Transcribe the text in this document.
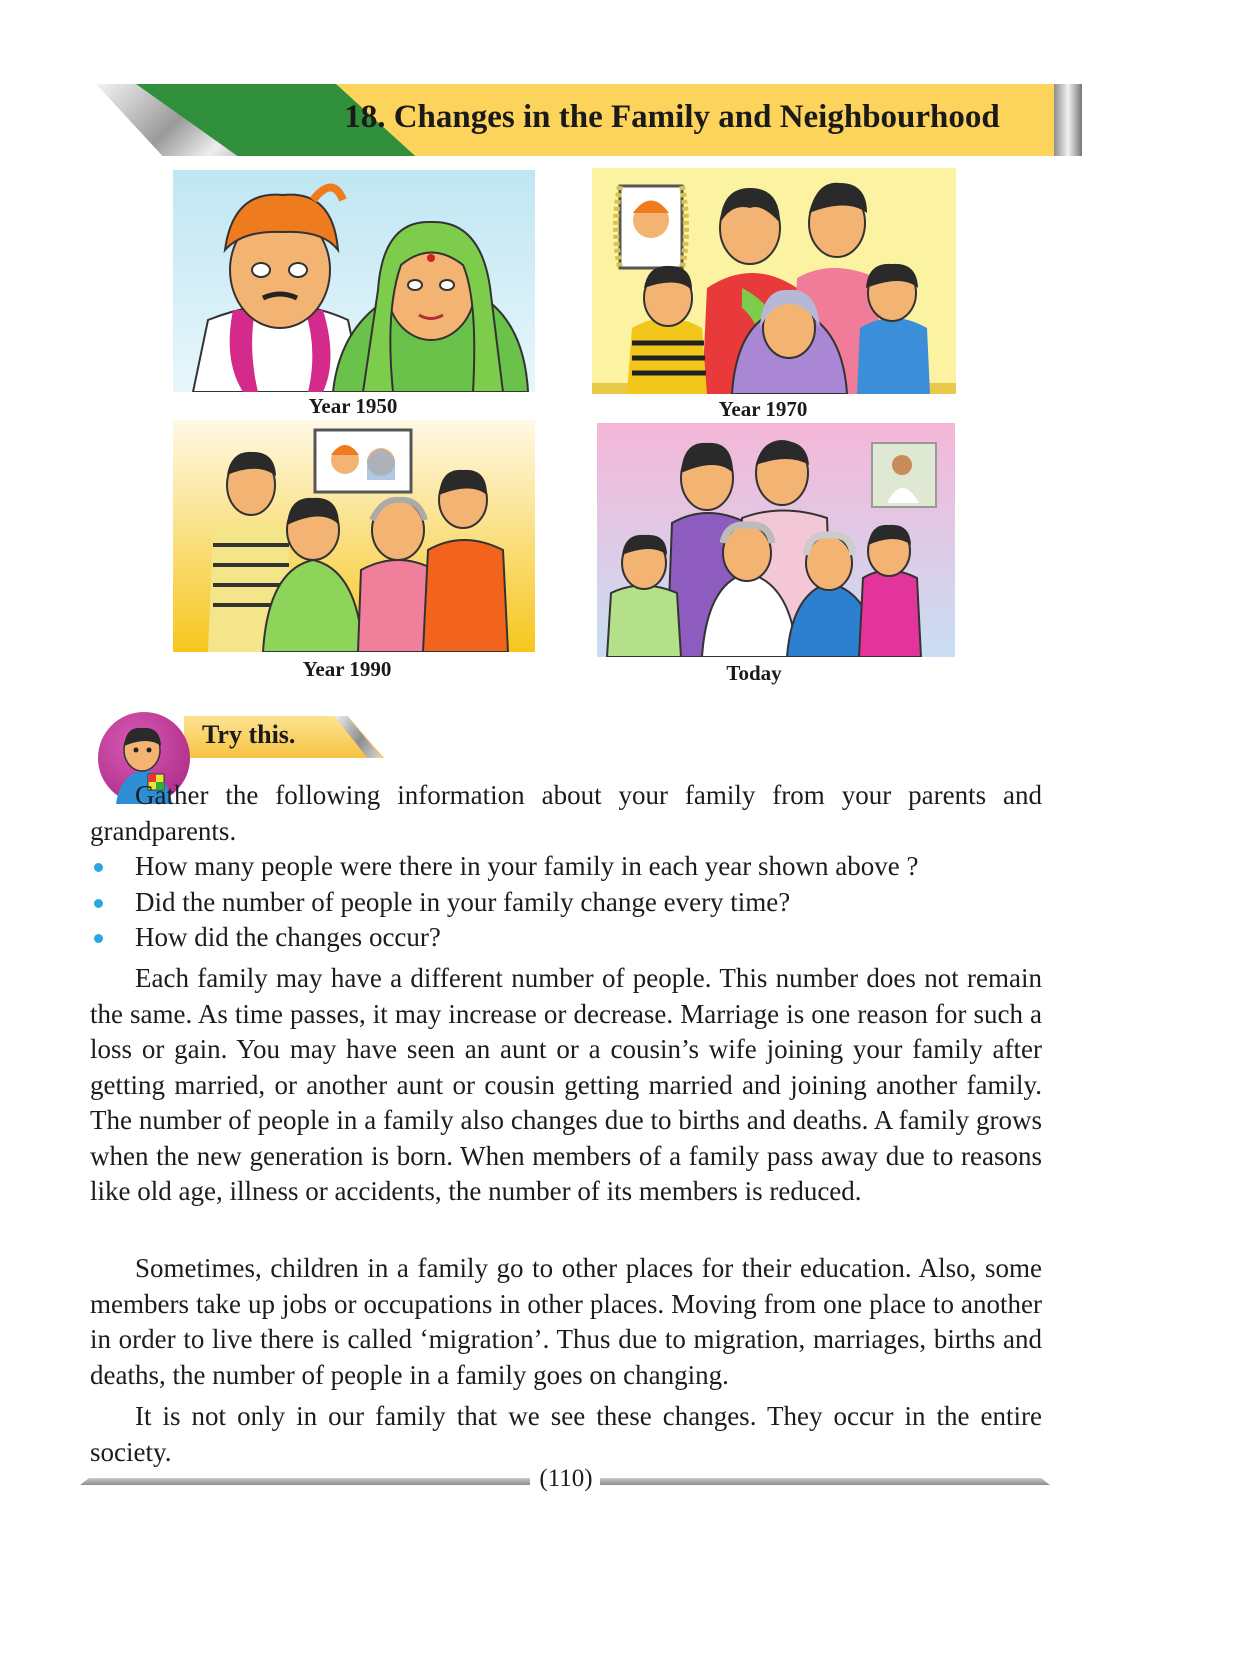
18. Changes in the Family and Neighbourhood
Year 1950	Year 1970
Year 1990	Today
Try this.

Gather the following information about your family from your parents and grandparents.

How many people were there in your family in each year shown above ?
Did the number of people in your family change every time?
How did the changes occur?

Each family may have a different number of people. This number does not remain the same. As time passes, it may increase or decrease. Marriage is one reason for such a loss or gain. You may have seen an aunt or a cousin’s wife joining your family after getting married, or another aunt or cousin getting married and joining another family. The number of people in a family also changes due to births and deaths. A family grows when the new generation is born. When members of a family pass away due to reasons like old age, illness or accidents, the number of its members is reduced.

Sometimes, children in a family go to other places for their education. Also, some members take up jobs or occupations in other places. Moving from one place to another in order to live there is called ‘migration’. Thus due to migration, marriages, births and deaths, the number of people in a family goes on changing.

It is not only in our family that we see these changes. They occur in the entire society.

(110)
